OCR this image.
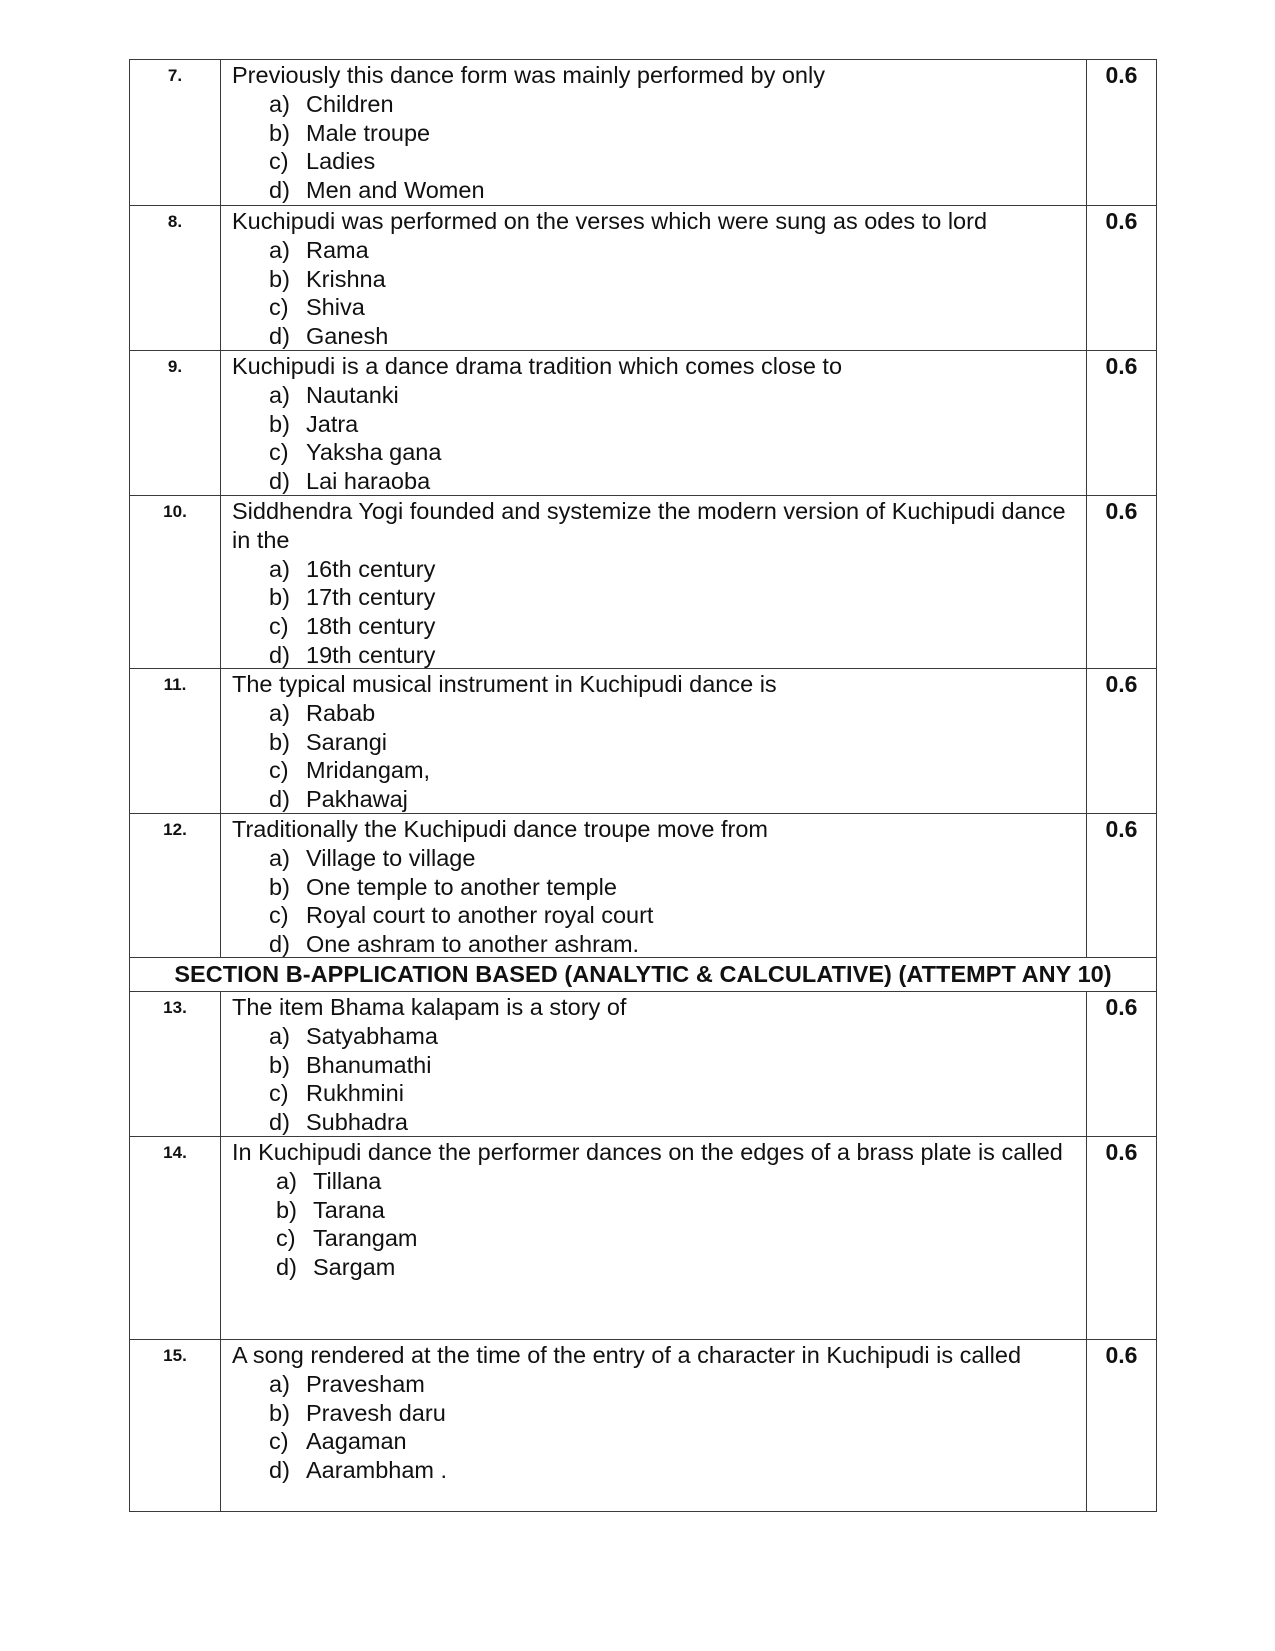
7.	Previously this dance form was mainly performed by only
a) Children
b) Male troupe
c) Ladies
d) Men and Women
0.6
8.	Kuchipudi was performed on the verses which were sung as odes to lord
a) Rama
b) Krishna
c) Shiva
d) Ganesh
0.6
9.	Kuchipudi is a dance drama tradition which comes close to
a) Nautanki
b) Jatra
c) Yaksha gana
d) Lai haraoba
0.6
10.	Siddhendra Yogi founded and systemize the modern version of Kuchipudi dance in the
a) 16th century
b) 17th century
c) 18th century
d) 19th century
0.6
11.	The typical musical instrument in Kuchipudi dance is
a) Rabab
b) Sarangi
c) Mridangam,
d) Pakhawaj
0.6
12.	Traditionally the Kuchipudi dance troupe move from
a) Village to village
b) One temple to another temple
c) Royal court to another royal court
d) One ashram to another ashram.
0.6
SECTION B-APPLICATION BASED (ANALYTIC & CALCULATIVE) (ATTEMPT ANY 10)
13.	The item Bhama kalapam is a story of
a) Satyabhama
b) Bhanumathi
c) Rukhmini
d) Subhadra
0.6
14.	In Kuchipudi dance the performer dances on the edges of a brass plate is called
a) Tillana
b) Tarana
c) Tarangam
d) Sargam
0.6
15.	A song rendered at the time of the entry of a character in Kuchipudi is called
a) Pravesham
b) Pravesh daru
c) Aagaman
d) Aarambham .
0.6
